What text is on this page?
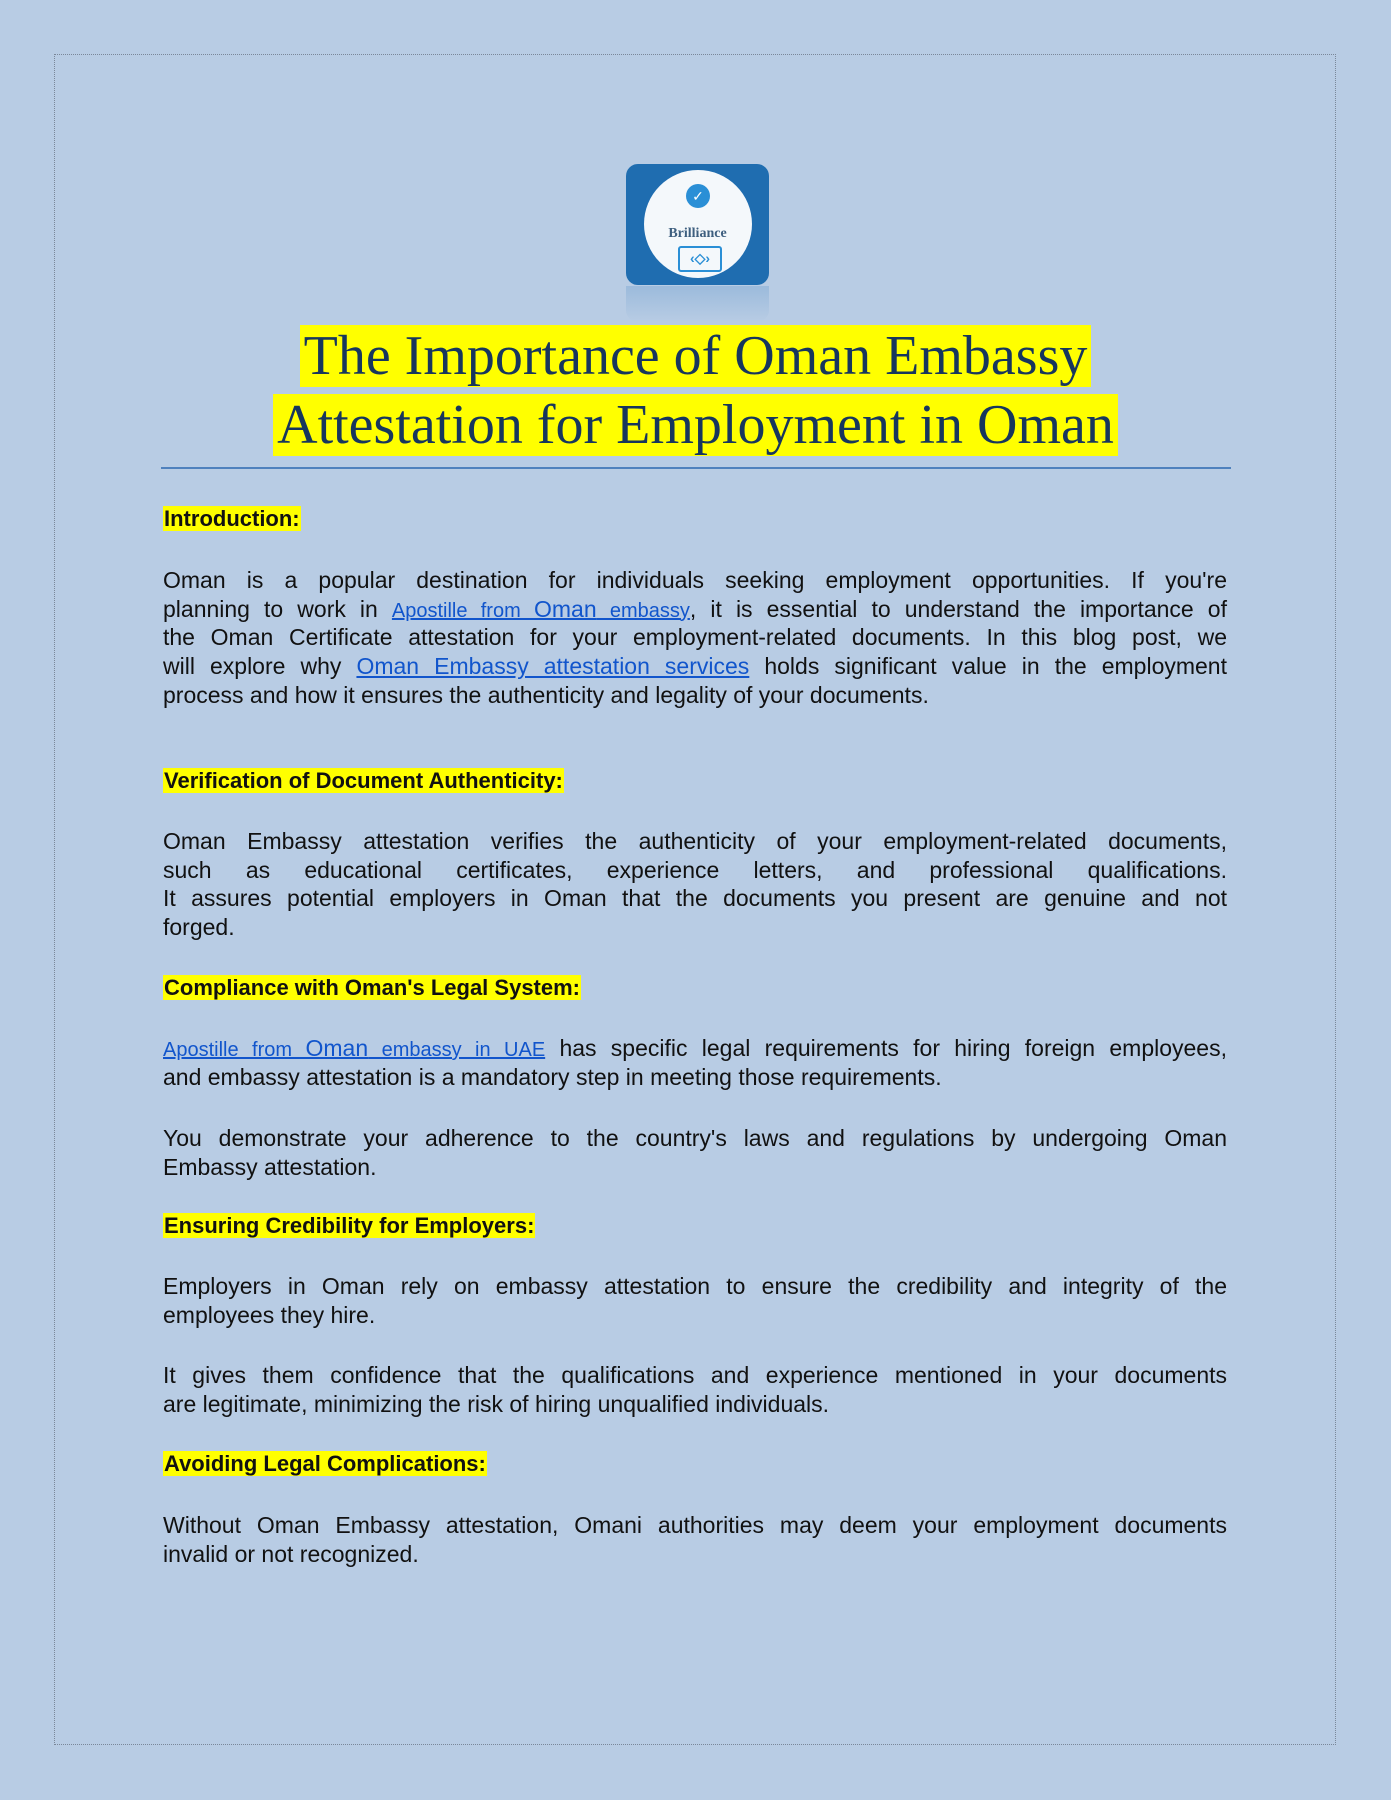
✓
Brilliance
‹◇›
The Importance of Oman Embassy
Attestation for Employment in Oman
Introduction:
Oman is a popular destination for individuals seeking employment opportunities. If you're
planning to work in Apostille from Oman embassy, it is essential to understand the importance of
the Oman Certificate attestation for your employment-related documents. In this blog post, we
will explore why Oman Embassy attestation services holds significant value in the employment
process and how it ensures the authenticity and legality of your documents.
Verification of Document Authenticity:
Oman Embassy attestation verifies the authenticity of your employment-related documents,
such as educational certificates, experience letters, and professional qualifications.
It assures potential employers in Oman that the documents you present are genuine and not
forged.
Compliance with Oman's Legal System:
Apostille from Oman embassy in UAE has specific legal requirements for hiring foreign employees,
and embassy attestation is a mandatory step in meeting those requirements.
You demonstrate your adherence to the country's laws and regulations by undergoing Oman
Embassy attestation.
Ensuring Credibility for Employers:
Employers in Oman rely on embassy attestation to ensure the credibility and integrity of the
employees they hire.
It gives them confidence that the qualifications and experience mentioned in your documents
are legitimate, minimizing the risk of hiring unqualified individuals.
Avoiding Legal Complications:
Without Oman Embassy attestation, Omani authorities may deem your employment documents
invalid or not recognized.
